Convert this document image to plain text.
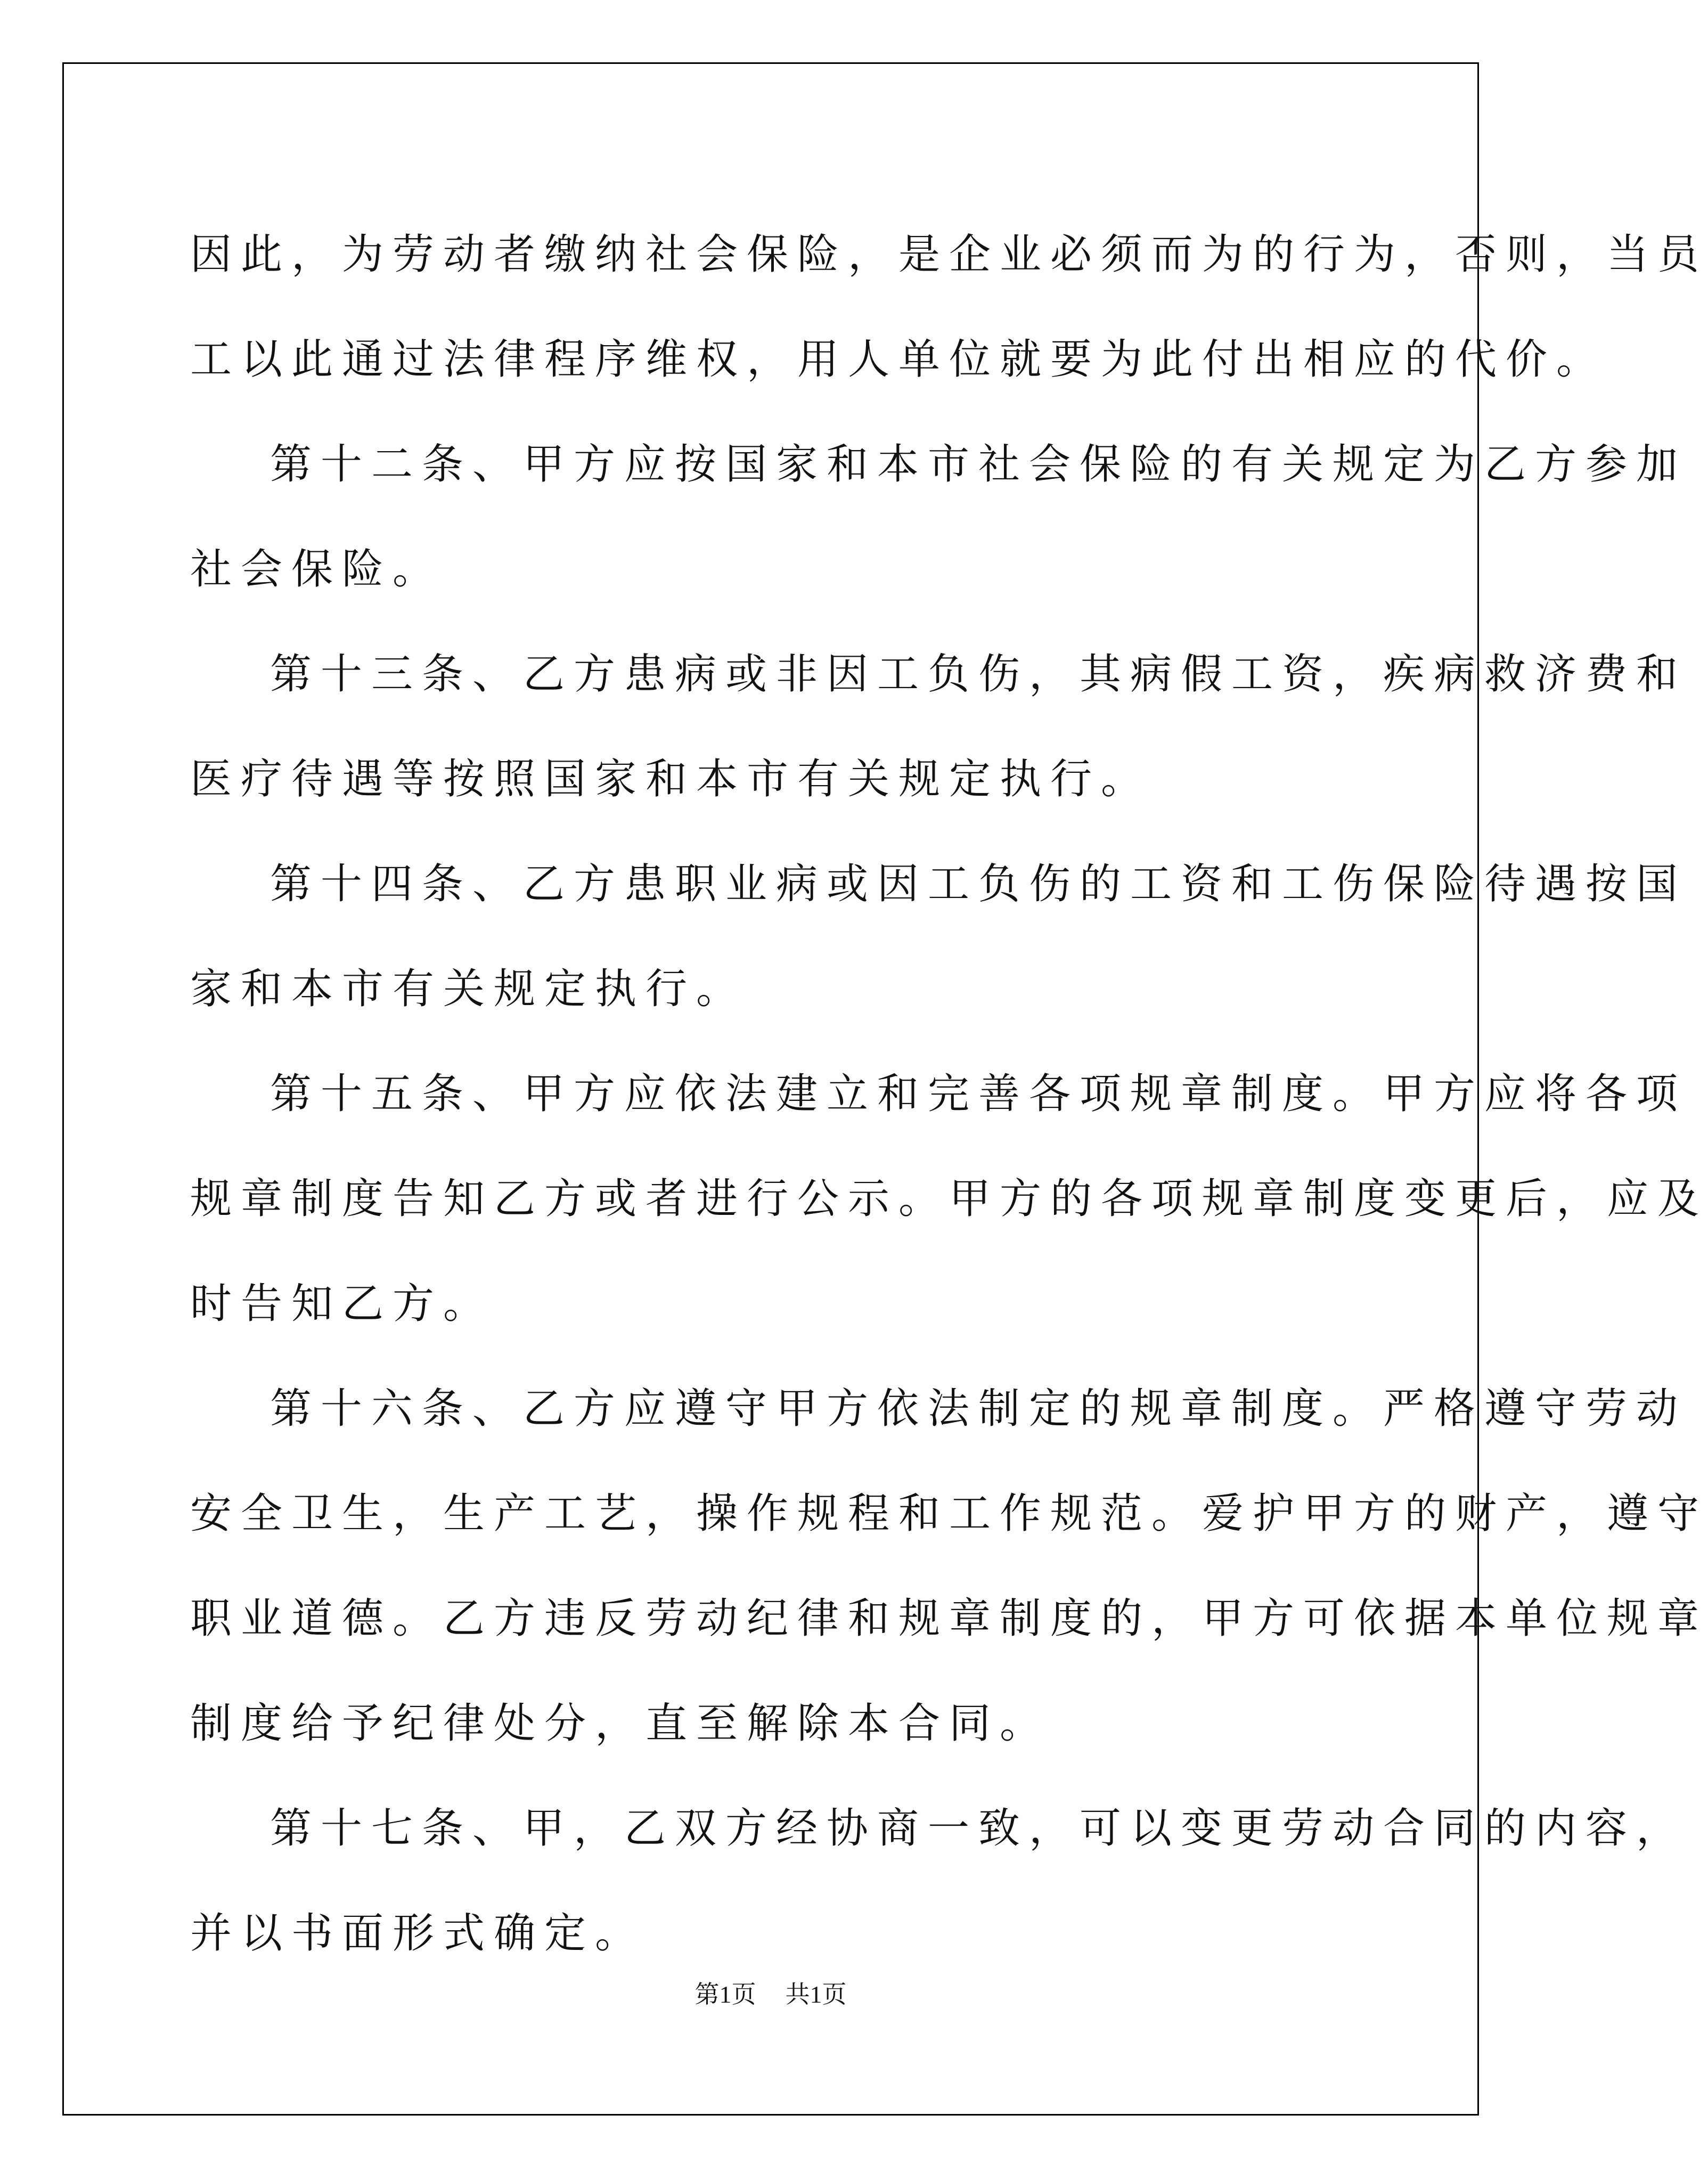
因此，为劳动者缴纳社会保险，是企业必须而为的行为，否则，当员
工以此通过法律程序维权，用人单位就要为此付出相应的代价。

第十二条、甲方应按国家和本市社会保险的有关规定为乙方参加
社会保险。

第十三条、乙方患病或非因工负伤，其病假工资，疾病救济费和
医疗待遇等按照国家和本市有关规定执行。

第十四条、乙方患职业病或因工负伤的工资和工伤保险待遇按国
家和本市有关规定执行。

第十五条、甲方应依法建立和完善各项规章制度。甲方应将各项
规章制度告知乙方或者进行公示。甲方的各项规章制度变更后，应及
时告知乙方。

第十六条、乙方应遵守甲方依法制定的规章制度。严格遵守劳动
安全卫生，生产工艺，操作规程和工作规范。爱护甲方的财产，遵守
职业道德。乙方违反劳动纪律和规章制度的，甲方可依据本单位规章
制度给予纪律处分，直至解除本合同。

第十七条、甲，乙双方经协商一致，可以变更劳动合同的内容，
并以书面形式确定。

第1页 共1页
